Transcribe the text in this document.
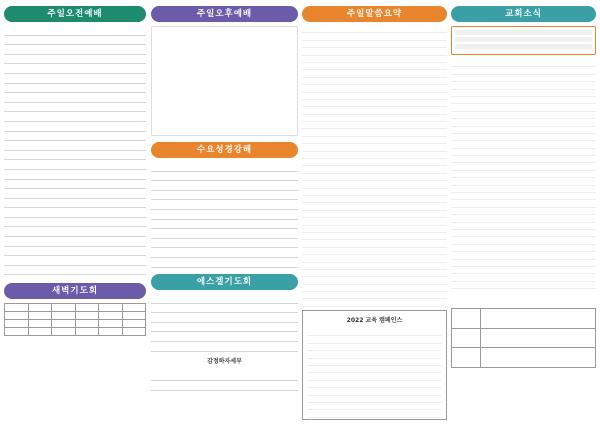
주일오전예배
새벽기도회

주일오후예배
수요성경강해
에스겔기도회
감정하자세부
주일말씀요약
2022 교육 캠페인스
교회소식
